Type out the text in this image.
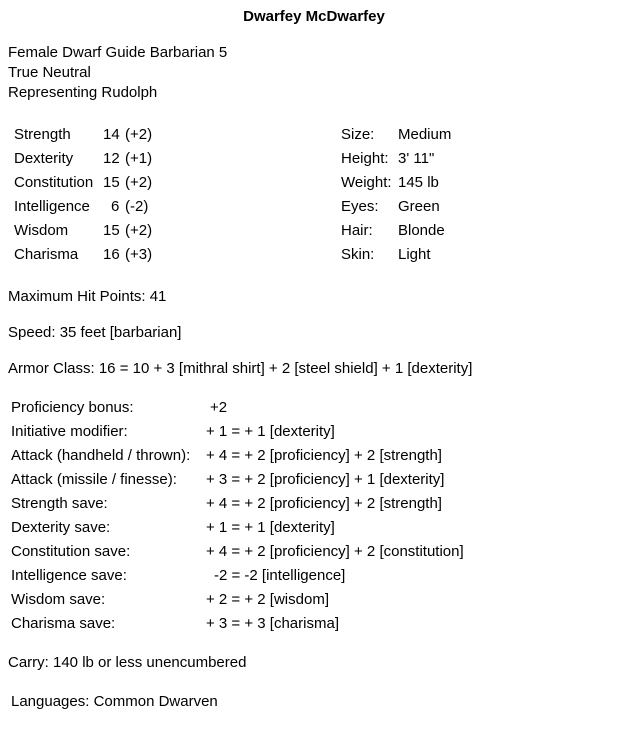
Dwarfey McDwarfey
Female Dwarf Guide Barbarian 5
True Neutral
Representing Rudolph
Strength 14 (+2)
Dexterity 12 (+1)
Constitution 15 (+2)
Intelligence 6 (-2)
Wisdom 15 (+2)
Charisma 16 (+3)
Size: Medium
Height: 3' 11"
Weight: 145 lb
Eyes: Green
Hair: Blonde
Skin: Light
Maximum Hit Points: 41
Speed: 35 feet [barbarian]
Armor Class: 16 = 10 + 3 [mithral shirt] + 2 [steel shield] + 1 [dexterity]
Proficiency bonus:	+2
Initiative modifier:	+ 1 = + 1 [dexterity]
Attack (handheld / thrown): + 4 = + 2 [proficiency] + 2 [strength]
Attack (missile / finesse): + 3 = + 2 [proficiency] + 1 [dexterity]
Strength save:	+ 4 = + 2 [proficiency] + 2 [strength]
Dexterity save:	+ 1 = + 1 [dexterity]
Constitution save:	+ 4 = + 2 [proficiency] + 2 [constitution]
Intelligence save:	-2 = -2 [intelligence]
Wisdom save:	+ 2 = + 2 [wisdom]
Charisma save:	+ 3 = + 3 [charisma]
Carry: 140 lb or less unencumbered
Languages: Common Dwarven
